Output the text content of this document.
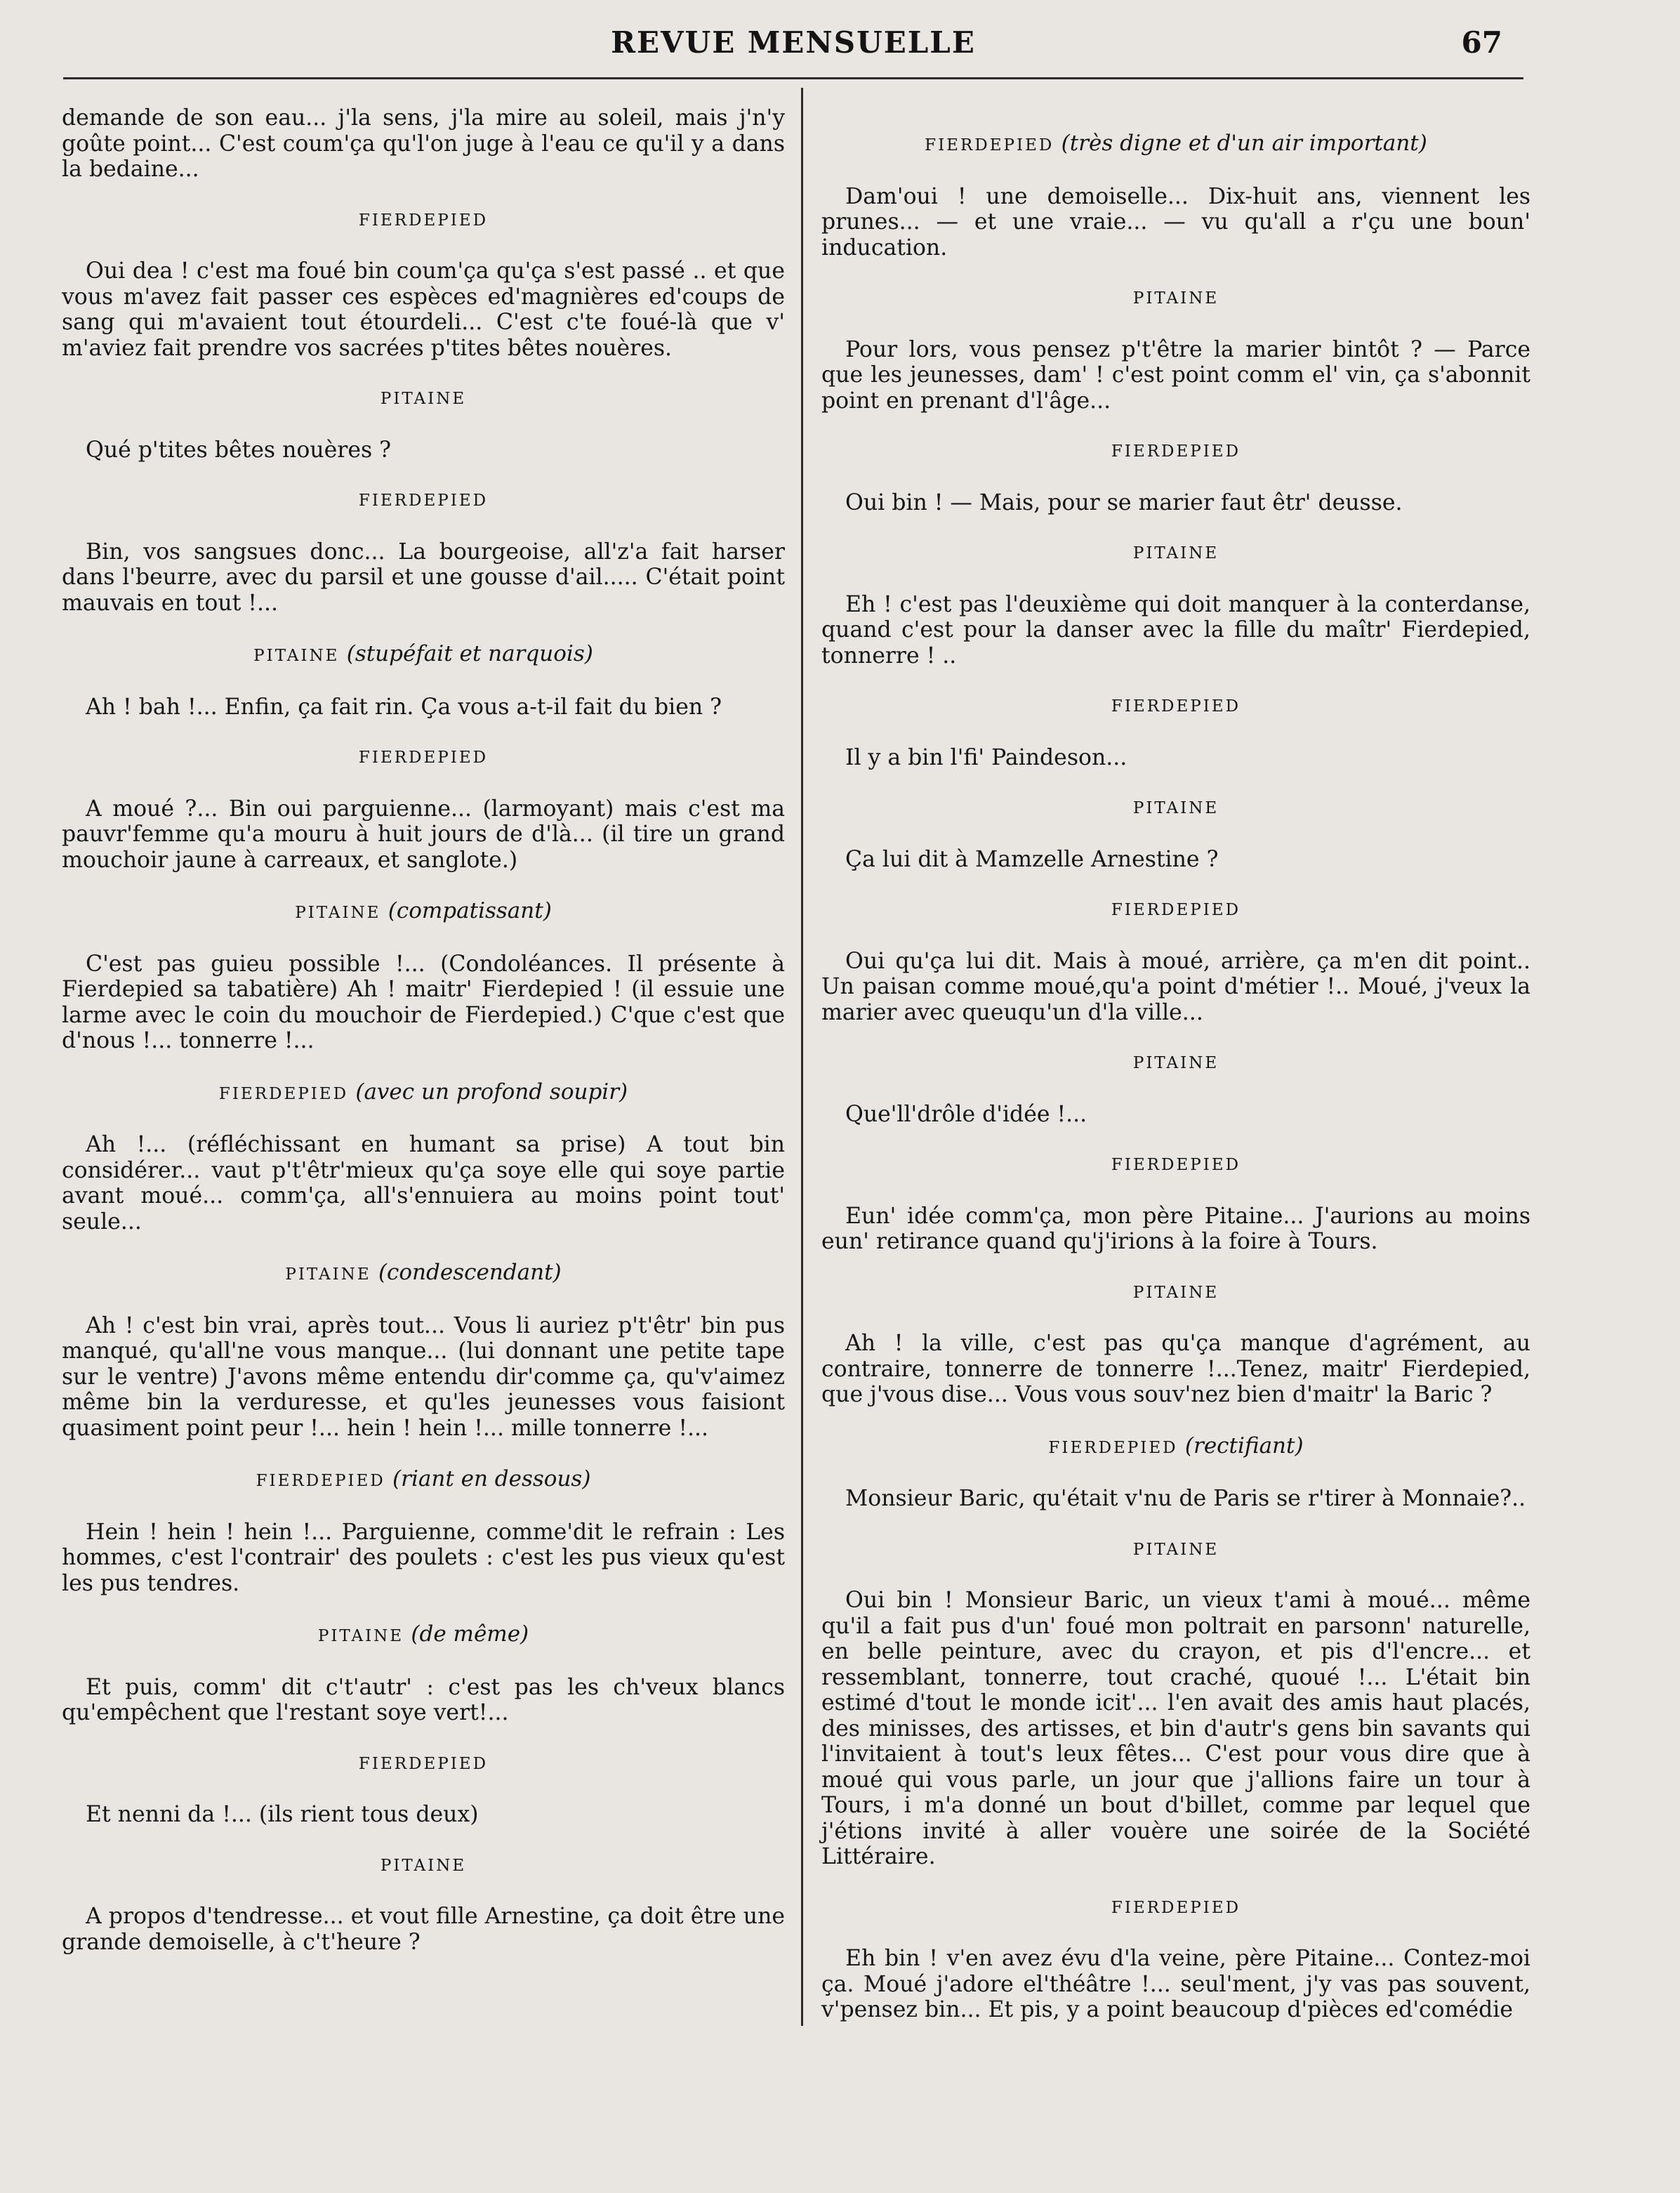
REVUE MENSUELLE	67
demande de son eau... j'la sens, j'la mire au soleil, mais j'n'y goûte point... C'est coum'ça qu'l'on juge à l'eau ce qu'il y a dans la bedaine...
FIERDEPIED
Oui dea ! c'est ma foué bin coum'ça qu'ça s'est passé .. et que vous m'avez fait passer ces espèces ed'magnières ed'coups de sang qui m'avaient tout étourdeli... C'est c'te foué-là que v' m'aviez fait prendre vos sacrées p'tites bêtes nouères.
PITAINE
Qué p'tites bêtes nouères ?
FIERDEPIED
Bin, vos sangsues donc... La bourgeoise, all'z'a fait harser dans l'beurre, avec du parsil et une gousse d'ail..... C'était point mauvais en tout !...
PITAINE (stupéfait et narquois)
Ah ! bah !... Enfin, ça fait rin. Ça vous a-t-il fait du bien ?
FIERDEPIED
A moué ?... Bin oui parguienne... (larmoyant) mais c'est ma pauvr'femme qu'a mouru à huit jours de d'là... (il tire un grand mouchoir jaune à carreaux, et sanglote.)
PITAINE (compatissant)
C'est pas guieu possible !... (Condoléances. Il présente à Fierdepied sa tabatière) Ah ! maitr' Fierdepied ! (il essuie une larme avec le coin du mouchoir de Fierdepied.) C'que c'est que d'nous !... tonnerre !...
FIERDEPIED (avec un profond soupir)
Ah !... (réfléchissant en humant sa prise) A tout bin considérer... vaut p't'êtr'mieux qu'ça soye elle qui soye partie avant moué... comm'ça, all's'ennuiera au moins point tout' seule...
PITAINE (condescendant)
Ah ! c'est bin vrai, après tout... Vous li auriez p't'êtr' bin pus manqué, qu'all'ne vous manque... (lui donnant une petite tape sur le ventre) J'avons même entendu dir'comme ça, qu'v'aimez même bin la verduresse, et qu'les jeunesses vous faisiont quasiment point peur !... hein ! hein !... mille tonnerre !...
FIERDEPIED (riant en dessous)
Hein ! hein ! hein !... Parguienne, comme'dit le refrain : Les hommes, c'est l'contrair' des poulets : c'est les pus vieux qu'est les pus tendres.
PITAINE (de même)
Et puis, comm' dit c't'autr' : c'est pas les ch'veux blancs qu'empêchent que l'restant soye vert!...
FIERDEPIED
Et nenni da !... (ils rient tous deux)
PITAINE
A propos d'tendresse... et vout fille Arnestine, ça doit être une grande demoiselle, à c't'heure ?
FIERDEPIED (très digne et d'un air important)
Dam'oui ! une demoiselle... Dix-huit ans, viennent les prunes... — et une vraie... — vu qu'all a r'çu une boun' inducation.
PITAINE
Pour lors, vous pensez p't'être la marier bintôt ? — Parce que les jeunesses, dam' ! c'est point comm el' vin, ça s'abonnit point en prenant d'l'âge...
FIERDEPIED
Oui bin ! — Mais, pour se marier faut êtr' deusse.
PITAINE
Eh ! c'est pas l'deuxième qui doit manquer à la conterdanse, quand c'est pour la danser avec la fille du maîtr' Fierdepied, tonnerre ! ..
FIERDEPIED
Il y a bin l'fi' Paindeson...
PITAINE
Ça lui dit à Mamzelle Arnestine ?
FIERDEPIED
Oui qu'ça lui dit. Mais à moué, arrière, ça m'en dit point.. Un paisan comme moué,qu'a point d'métier !.. Moué, j'veux la marier avec queuqu'un d'la ville...
PITAINE
Que'll'drôle d'idée !...
FIERDEPIED
Eun' idée comm'ça, mon père Pitaine... J'aurions au moins eun' retirance quand qu'j'irions à la foire à Tours.
PITAINE
Ah ! la ville, c'est pas qu'ça manque d'agrément, au contraire, tonnerre de tonnerre !...Tenez, maitr' Fierdepied, que j'vous dise... Vous vous souv'nez bien d'maitr' la Baric ?
FIERDEPIED (rectifiant)
Monsieur Baric, qu'était v'nu de Paris se r'tirer à Monnaie?..
PITAINE
Oui bin ! Monsieur Baric, un vieux t'ami à moué... même qu'il a fait pus d'un' foué mon poltrait en parsonn' naturelle, en belle peinture, avec du crayon, et pis d'l'encre... et ressemblant, tonnerre, tout craché, quoué !... L'était bin estimé d'tout le monde icit'... l'en avait des amis haut placés, des minisses, des artisses, et bin d'autr's gens bin savants qui l'invitaient à tout's leux fêtes... C'est pour vous dire que à moué qui vous parle, un jour que j'allions faire un tour à Tours, i m'a donné un bout d'billet, comme par lequel que j'étions invité à aller vouère une soirée de la Société Littéraire.
FIERDEPIED
Eh bin ! v'en avez évu d'la veine, père Pitaine... Contez-moi ça. Moué j'adore el'théâtre !... seul'ment, j'y vas pas souvent, v'pensez bin... Et pis, y a point beaucoup d'pièces ed'comédie
